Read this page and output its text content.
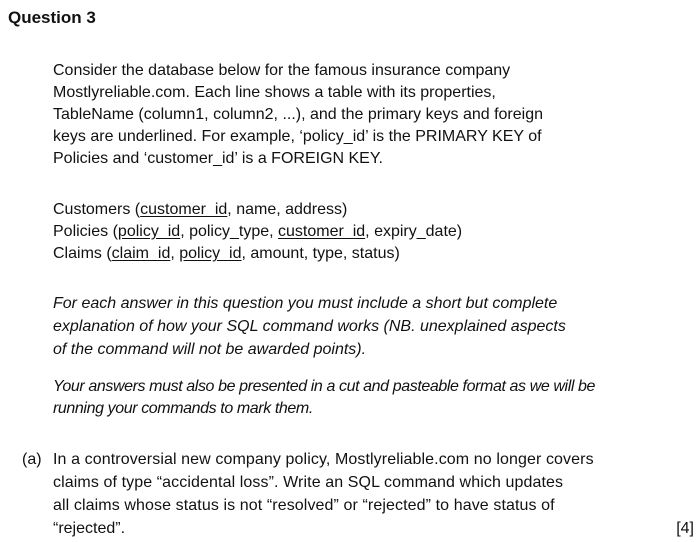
Question 3
Consider the database below for the famous insurance company
Mostlyreliable.com. Each line shows a table with its properties,
TableName (column1, column2, ...), and the primary keys and foreign
keys are underlined. For example, ‘policy_id’ is the PRIMARY KEY of
Policies and ‘customer_id’ is a FOREIGN KEY.
Customers (customer_id, name, address)
Policies (policy_id, policy_type, customer_id, expiry_date)
Claims (claim_id, policy_id, amount, type, status)
For each answer in this question you must include a short but complete
explanation of how your SQL command works (NB. unexplained aspects
of the command will not be awarded points).
Your answers must also be presented in a cut and pasteable format as we will be
running your commands to mark them.
(a) In a controversial new company policy, Mostlyreliable.com no longer covers
claims of type “accidental loss”. Write an SQL command which updates
all claims whose status is not “resolved” or “rejected” to have status of
“rejected”.	[4]
